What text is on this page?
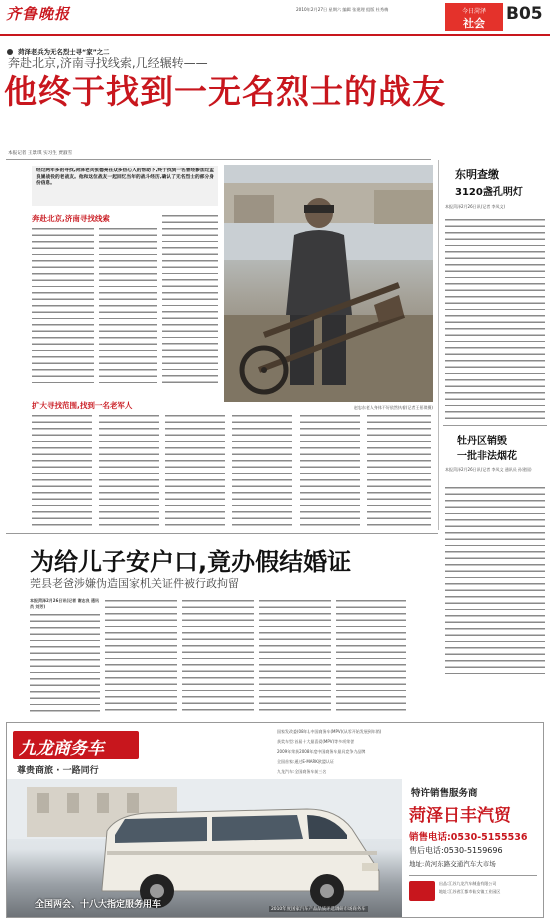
齐鲁晚报	2010年2月27日 星期六 编辑 张建理 组版 杜秀梅	今日菏泽
社会	B05
菏泽老兵为无名烈士寻“家”之二
奔赴北京,济南寻找线索,几经辗转——
他终于找到一无名烈士的战友
本报记者 王景琪 实习生 贾淑雪
经过两年多的寻找,菏泽老兵张德亮在众多热心人的帮助下,终于找到一名曾经参加过孟良崮战役的老战友。他和这位战友一起回忆当年的战斗经历,确认了无名烈士的部分身份信息。
赵忠东老人身体不好依然执着(记者王景琪摄)
奔赴北京,济南寻找线索
扩大寻找范围,找到一名老军人
东明查缴
3120盏孔明灯
本报菏泽2月26日讯(记者 李凤文)
牡丹区销毁
一批非法烟花
本报菏泽2月26日讯(记者 李凤文 通讯员 孙建国)
为给儿子安户口,竟办假结婚证
莞县老爸涉嫌伪造国家机关证件被行政拘留
本报菏泽2月26日讯(记者 谢志良 通讯员 刘芳)
九龙商务车
尊贵商旅 · 一路同行
国家发改委(08年),中国商务车(MPV)(从零开始发展到年销)
获奖车型:首届十大最喜爱(MPV)等多项荣誉
2009年荣获2008年度中国商务车最具竞争力品牌
全国首家:通过E-MARK欧盟认证
九龙汽车:全国商务车前三名
全国两会、十八大指定服务用车	2010年度国家汽车产品品质评选调研市场商务车
特许销售服务商
菏泽日丰汽贸
销售电话:0530-5155536
售后电话:0530-5159696
地址:黄河东路交通汽车大市场
出品:江苏九龙汽车制造有限公司
地址:江苏省江都市仙女镇工业园区
